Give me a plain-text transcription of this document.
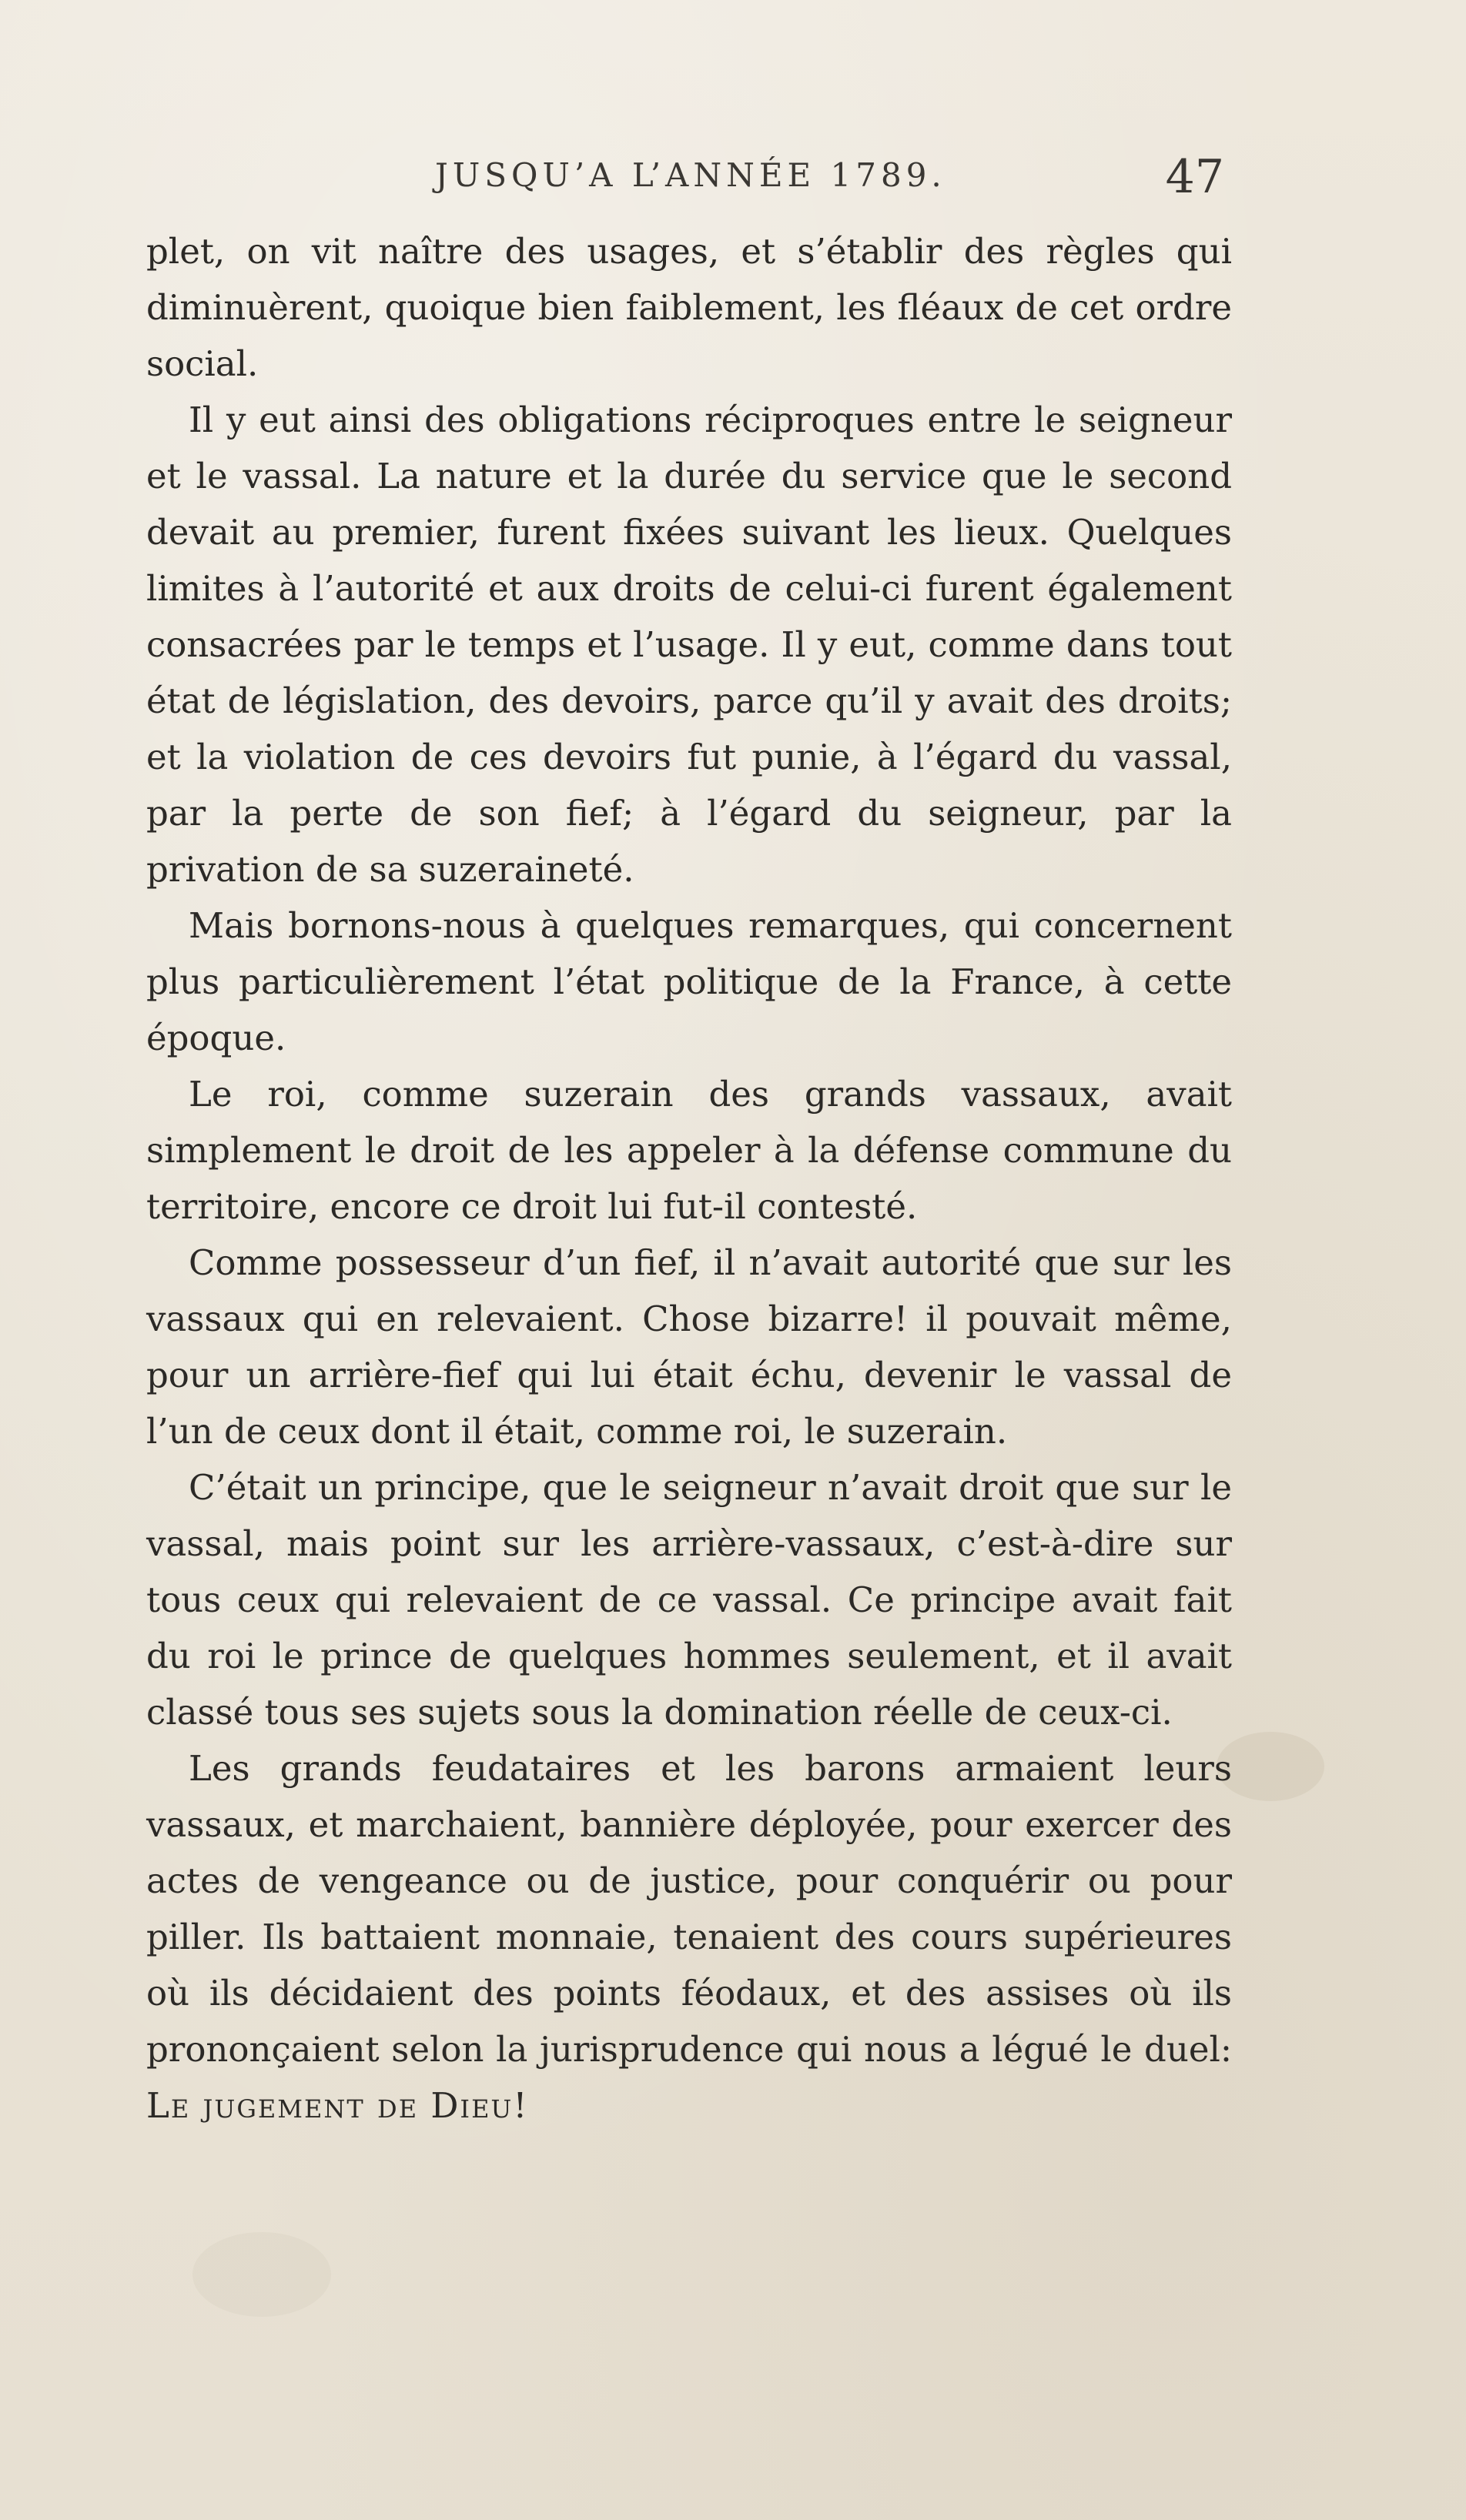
JUSQU’A L’ANNÉE 1789.	47

plet, on vit naître des usages, et s’établir des règles qui diminuèrent, quoique bien faiblement, les fléaux de cet ordre social.

Il y eut ainsi des obligations réciproques entre le seigneur et le vassal. La nature et la durée du service que le second devait au premier, furent fixées suivant les lieux. Quelques limites à l’autorité et aux droits de celui-ci furent également consacrées par le temps et l’usage. Il y eut, comme dans tout état de législation, des devoirs, parce qu’il y avait des droits; et la violation de ces devoirs fut punie, à l’égard du vassal, par la perte de son fief; à l’égard du seigneur, par la privation de sa suzeraineté.

Mais bornons-nous à quelques remarques, qui concernent plus particulièrement l’état politique de la France, à cette époque.

Le roi, comme suzerain des grands vassaux, avait simplement le droit de les appeler à la défense commune du territoire, encore ce droit lui fut-il contesté.

Comme possesseur d’un fief, il n’avait autorité que sur les vassaux qui en relevaient. Chose bizarre! il pouvait même, pour un arrière-fief qui lui était échu, devenir le vassal de l’un de ceux dont il était, comme roi, le suzerain.

C’était un principe, que le seigneur n’avait droit que sur le vassal, mais point sur les arrière-vassaux, c’est-à-dire sur tous ceux qui relevaient de ce vassal. Ce principe avait fait du roi le prince de quelques hommes seulement, et il avait classé tous ses sujets sous la domination réelle de ceux-ci.

Les grands feudataires et les barons armaient leurs vassaux, et marchaient, bannière déployée, pour exercer des actes de vengeance ou de justice, pour conquérir ou pour piller. Ils battaient monnaie, tenaient des cours supérieures où ils décidaient des points féodaux, et des assises où ils prononçaient selon la jurisprudence qui nous a légué le duel: Le jugement de Dieu!
